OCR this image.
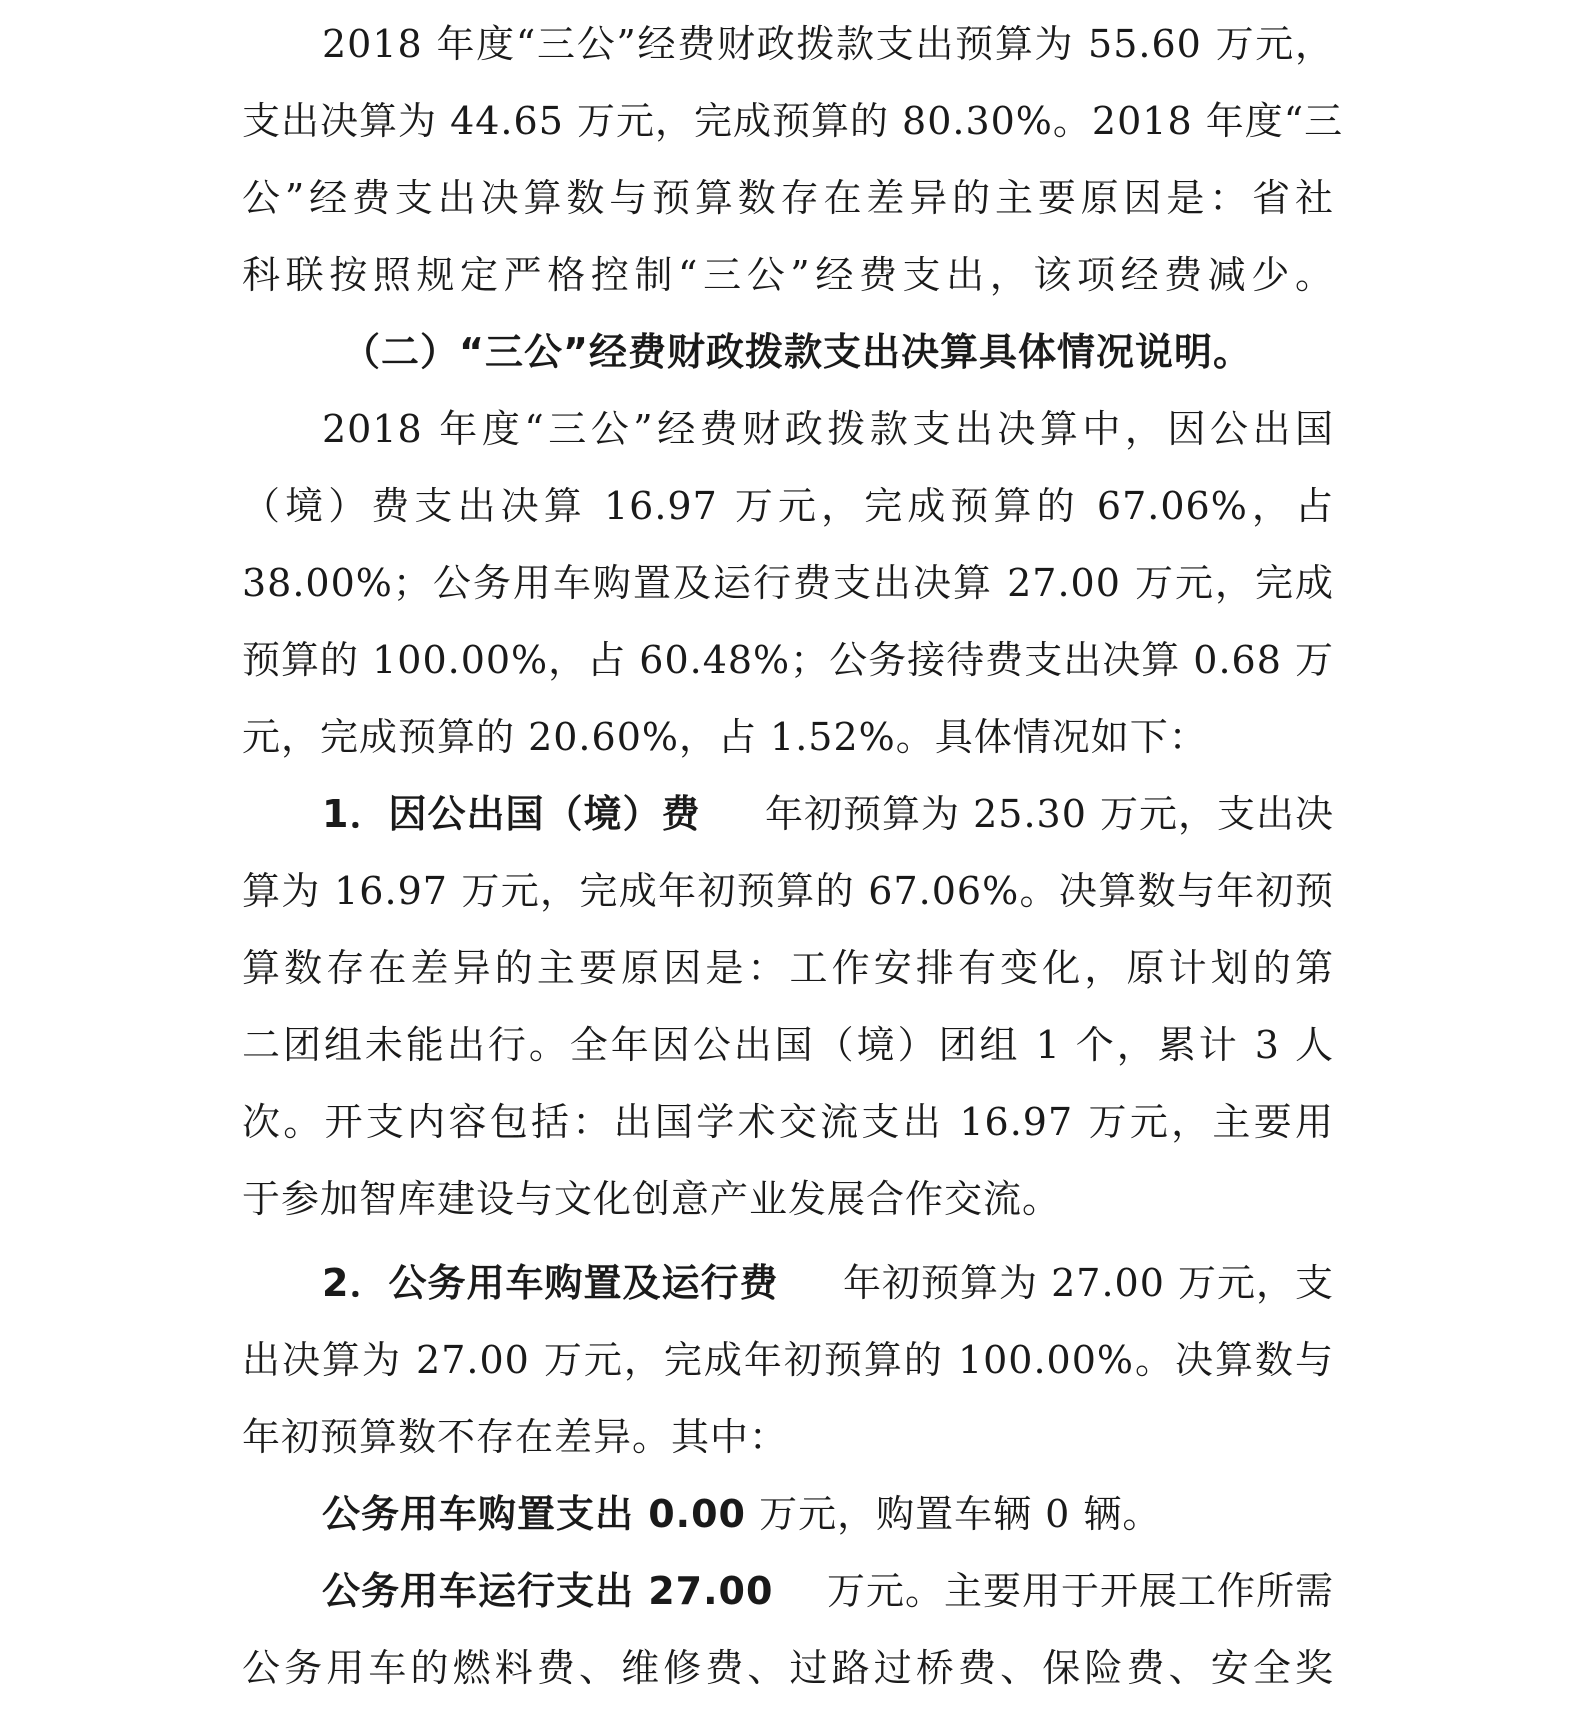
2018 年度“三公”经费财政拨款支出预算为 55.60 万元，
支出决算为 44.65 万元，完成预算的 80.30%。2018 年度“三
公”经费支出决算数与预算数存在差异的主要原因是：省社
科联按照规定严格控制“三公”经费支出，该项经费减少。
（二）“三公”经费财政拨款支出决算具体情况说明。
2018 年度“三公”经费财政拨款支出决算中，因公出国
（境）费支出决算 16.97 万元，完成预算的 67.06%，占
38.00%；公务用车购置及运行费支出决算 27.00 万元，完成
预算的 100.00%，占 60.48%；公务接待费支出决算 0.68 万
元，完成预算的 20.60%，占 1.52%。具体情况如下：
1．因公出国（境）费 年初预算为 25.30 万元，支出决
算为 16.97 万元，完成年初预算的 67.06%。决算数与年初预
算数存在差异的主要原因是：工作安排有变化，原计划的第
二团组未能出行。全年因公出国（境）团组 1 个，累计 3 人
次。开支内容包括：出国学术交流支出 16.97 万元，主要用
于参加智库建设与文化创意产业发展合作交流。
2．公务用车购置及运行费 年初预算为 27.00 万元，支
出决算为 27.00 万元，完成年初预算的 100.00%。决算数与
年初预算数不存在差异。其中：
公务用车购置支出 0.00 万元，购置车辆 0 辆。
公务用车运行支出 27.00 万元。主要用于开展工作所需
公务用车的燃料费、维修费、过路过桥费、保险费、安全奖
